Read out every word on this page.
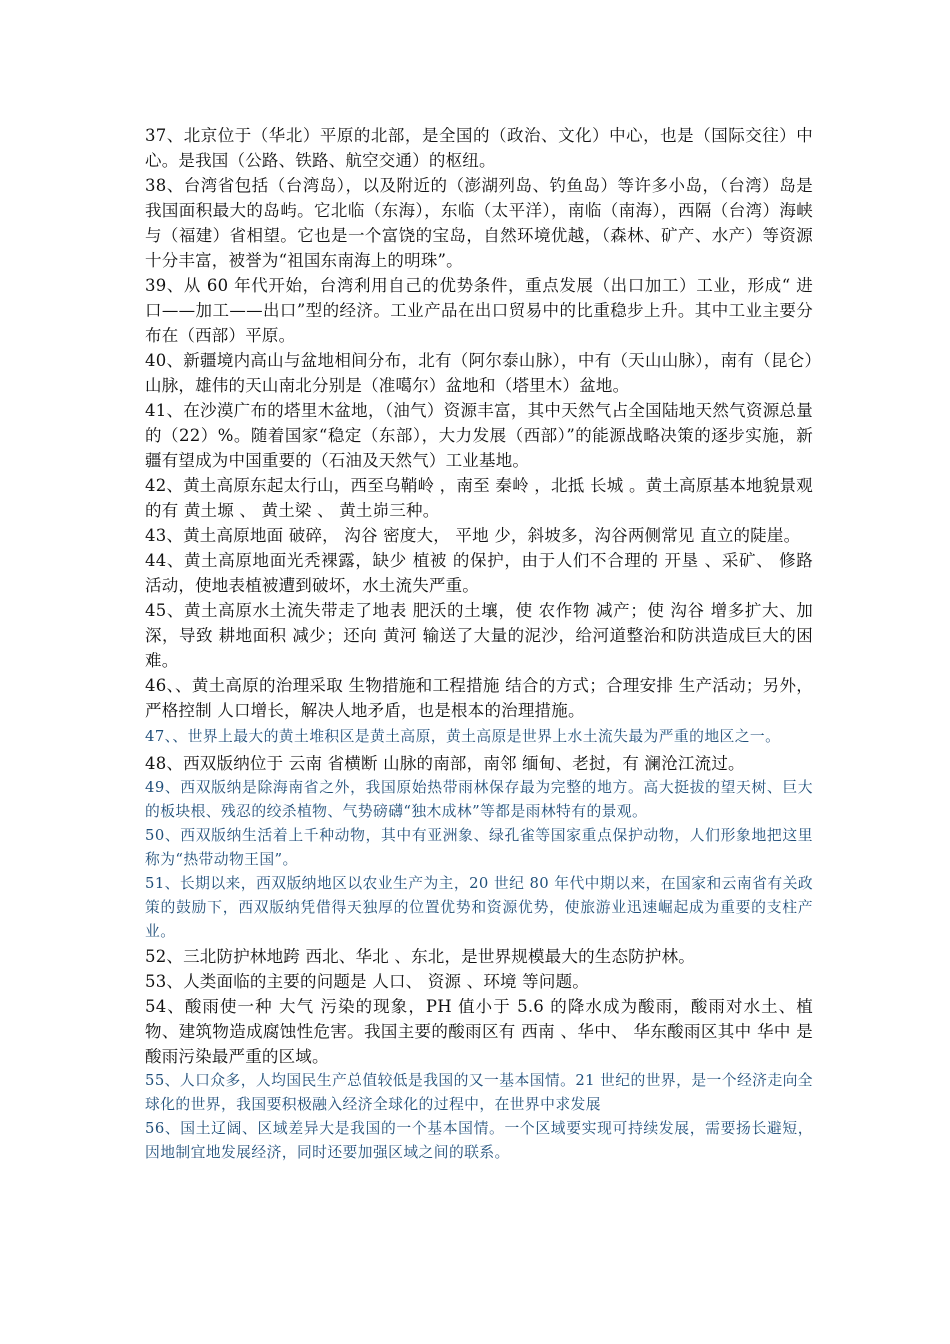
37、北京位于（华北）平原的北部，是全国的（政治、文化）中心，也是（国际交往）中心。是我国（公路、铁路、航空交通）的枢纽。

38、台湾省包括（台湾岛），以及附近的（澎湖列岛、钓鱼岛）等许多小岛，（台湾）岛是我国面积最大的岛屿。它北临（东海），东临（太平洋），南临（南海），西隔（台湾）海峡与（福建）省相望。它也是一个富饶的宝岛，自然环境优越，（森林、矿产、水产）等资源十分丰富，被誉为“祖国东南海上的明珠”。

39、从 60 年代开始，台湾利用自己的优势条件，重点发展（出口加工）工业，形成“ 进口——加工——出口”型的经济。工业产品在出口贸易中的比重稳步上升。其中工业主要分布在（西部）平原。

40、新疆境内高山与盆地相间分布，北有（阿尔泰山脉），中有（天山山脉），南有（昆仑）山脉，雄伟的天山南北分别是（准噶尔）盆地和（塔里木）盆地。

41、在沙漠广布的塔里木盆地，（油气）资源丰富，其中天然气占全国陆地天然气资源总量的（22）%。随着国家“稳定（东部），大力发展（西部）”的能源战略决策的逐步实施，新疆有望成为中国重要的（石油及天然气）工业基地。

42、黄土高原东起太行山，西至乌鞘岭 ，南至 秦岭 ，北抵 长城 。黄土高原基本地貌景观的有 黄土塬 、 黄土梁 、 黄土峁三种。

43、黄土高原地面 破碎， 沟谷 密度大， 平地 少，斜坡多，沟谷两侧常见 直立的陡崖。

44、黄土高原地面光秃裸露，缺少 植被 的保护，由于人们不合理的 开垦 、采矿、 修路 活动，使地表植被遭到破坏，水土流失严重。

45、黄土高原水土流失带走了地表 肥沃的土壤，使 农作物 减产；使 沟谷 增多扩大、加深，导致 耕地面积 减少；还向 黄河 输送了大量的泥沙，给河道整治和防洪造成巨大的困难。

46、、黄土高原的治理采取 生物措施和工程措施 结合的方式；合理安排 生产活动；另外，严格控制 人口增长，解决人地矛盾，也是根本的治理措施。

47、、世界上最大的黄土堆积区是黄土高原，黄土高原是世界上水土流失最为严重的地区之一。

48、西双版纳位于 云南 省横断 山脉的南部，南邻 缅甸、老挝，有 澜沧江流过。

49、西双版纳是除海南省之外，我国原始热带雨林保存最为完整的地方。高大挺拔的望天树、巨大的板块根、残忍的绞杀植物、气势磅礴“独木成林”等都是雨林特有的景观。

50、西双版纳生活着上千种动物，其中有亚洲象、绿孔雀等国家重点保护动物，人们形象地把这里称为“热带动物王国”。

51、长期以来，西双版纳地区以农业生产为主，20 世纪 80 年代中期以来，在国家和云南省有关政策的鼓励下，西双版纳凭借得天独厚的位置优势和资源优势，使旅游业迅速崛起成为重要的支柱产业。

52、三北防护林地跨 西北、华北 、东北，是世界规模最大的生态防护林。

53、人类面临的主要的问题是 人口、 资源 、环境 等问题。

54、酸雨使一种 大气 污染的现象，PH 值小于 5.6 的降水成为酸雨，酸雨对水土、植物、建筑物造成腐蚀性危害。我国主要的酸雨区有 西南 、华中、 华东酸雨区其中 华中 是酸雨污染最严重的区域。

55、人口众多，人均国民生产总值较低是我国的又一基本国情。21 世纪的世界，是一个经济走向全球化的世界，我国要积极融入经济全球化的过程中，在世界中求发展

56、国土辽阔、区域差异大是我国的一个基本国情。一个区域要实现可持续发展，需要扬长避短，因地制宜地发展经济，同时还要加强区域之间的联系。
